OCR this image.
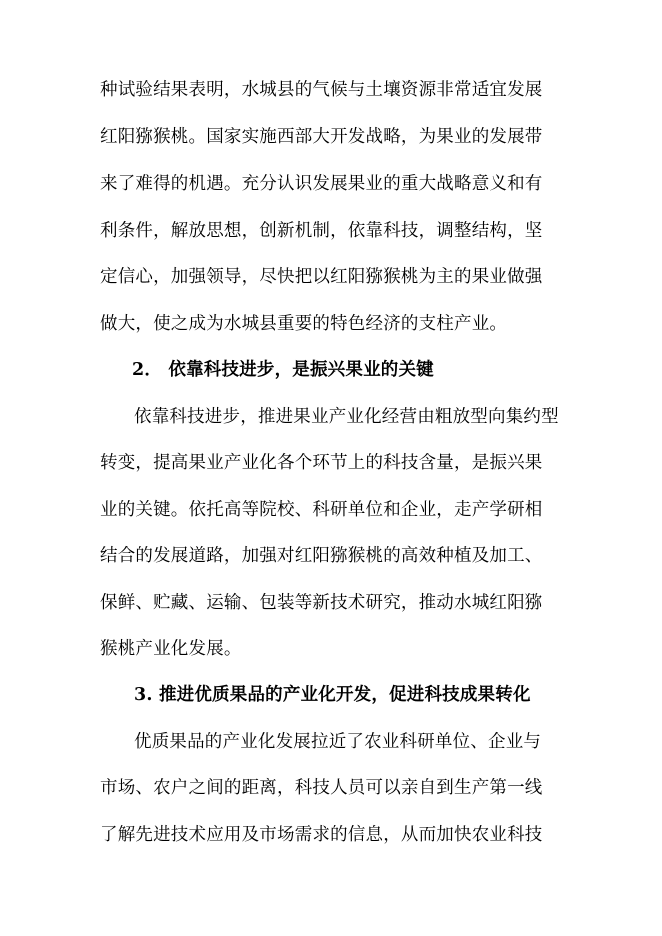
种试验结果表明，水城县的气候与土壤资源非常适宜发展
红阳猕猴桃。国家实施西部大开发战略，为果业的发展带
来了难得的机遇。充分认识发展果业的重大战略意义和有
利条件，解放思想，创新机制，依靠科技，调整结构，坚
定信心，加强领导，尽快把以红阳猕猴桃为主的果业做强
做大，使之成为水城县重要的特色经济的支柱产业。
2． 依靠科技进步，是振兴果业的关键
依靠科技进步，推进果业产业化经营由粗放型向集约型
转变，提高果业产业化各个环节上的科技含量，是振兴果
业的关键。依托高等院校、科研单位和企业，走产学研相
结合的发展道路，加强对红阳猕猴桃的高效种植及加工、
保鲜、贮藏、运输、包装等新技术研究，推动水城红阳猕
猴桃产业化发展。
3. 推进优质果品的产业化开发，促进科技成果转化
优质果品的产业化发展拉近了农业科研单位、企业与
市场、农户之间的距离，科技人员可以亲自到生产第一线
了解先进技术应用及市场需求的信息，从而加快农业科技
